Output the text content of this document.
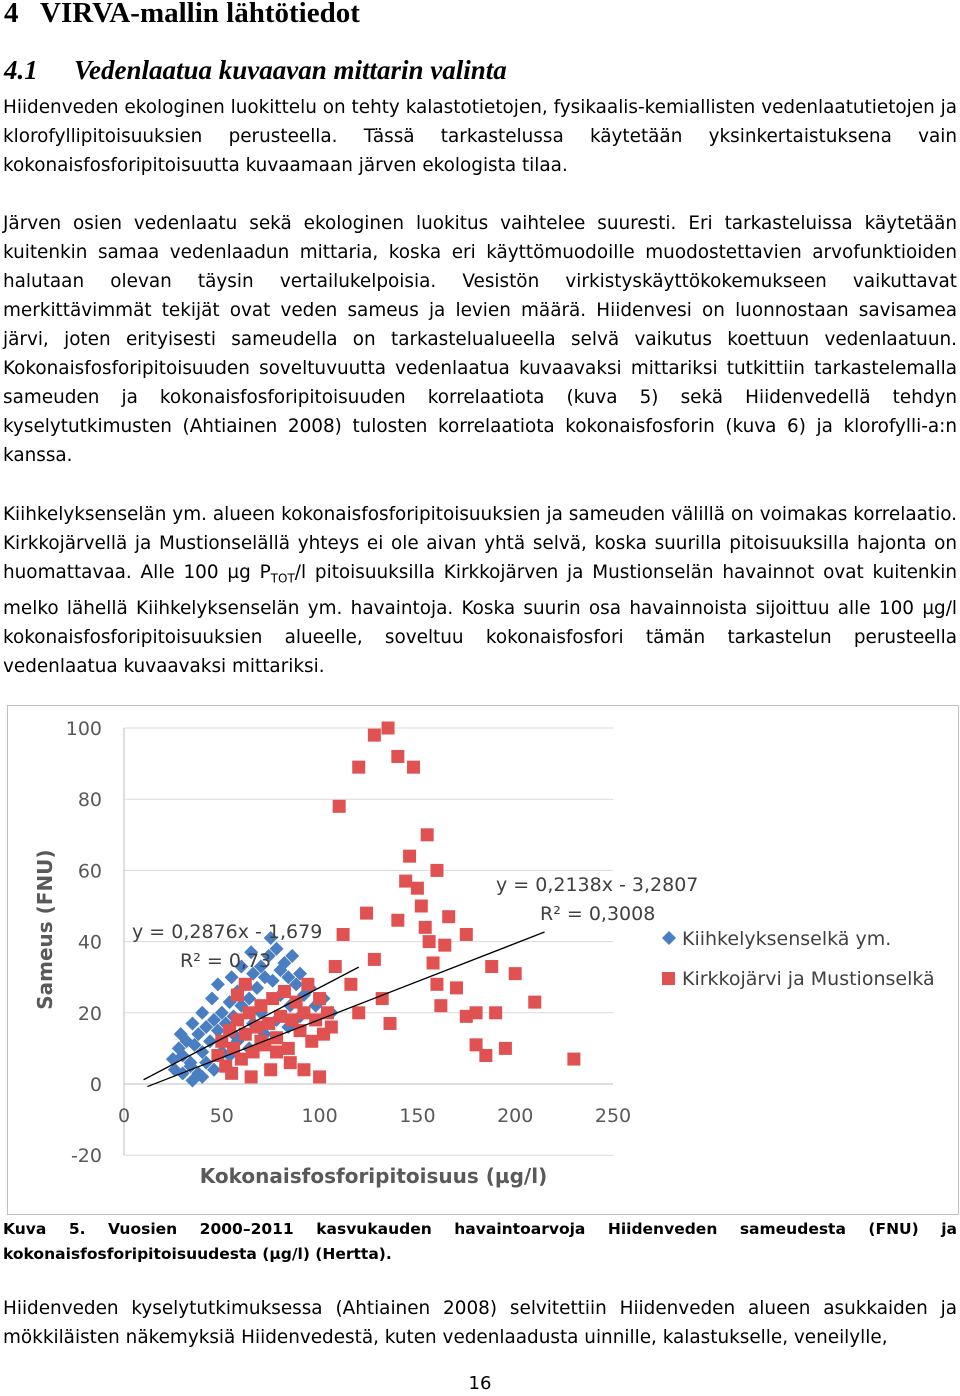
4 VIRVA-mallin lähtötiedot
4.1 Vedenlaatua kuvaavan mittarin valinta
Hiidenveden ekologinen luokittelu on tehty kalastotietojen, fysikaalis-kemiallisten vedenlaatutietojen ja klorofyllipitoisuuksien perusteella. Tässä tarkastelussa käytetään yksinkertaistuksena vain kokonaisfosforipitoisuutta kuvaamaan järven ekologista tilaa.
Järven osien vedenlaatu sekä ekologinen luokitus vaihtelee suuresti. Eri tarkasteluissa käytetään kuitenkin samaa vedenlaadun mittaria, koska eri käyttömuodoille muodostettavien arvofunktioiden halutaan olevan täysin vertailukelpoisia. Vesistön virkistyskäyttökokemukseen vaikuttavat merkittävimmät tekijät ovat veden sameus ja levien määrä. Hiidenvesi on luonnostaan savisamea järvi, joten erityisesti sameudella on tarkastelualueella selvä vaikutus koettuun vedenlaatuun. Kokonaisfosforipitoisuuden soveltuvuutta vedenlaatua kuvaavaksi mittariksi tutkittiin tarkastelemalla sameuden ja kokonaisfosforipitoisuuden korrelaatiota (kuva 5) sekä Hiidenvedellä tehdyn kyselytutkimusten (Ahtiainen 2008) tulosten korrelaatiota kokonaisfosforin (kuva 6) ja klorofylli-a:n kanssa.
Kiihkelyksenselän ym. alueen kokonaisfosforipitoisuuksien ja sameuden välillä on voimakas korrelaatio. Kirkkojärvellä ja Mustionselällä yhteys ei ole aivan yhtä selvä, koska suurilla pitoisuuksilla hajonta on huomattavaa. Alle 100 µg $P_{TOT}/l$ pitoisuuksilla Kirkkojärven ja Mustionselän havainnot ovat kuitenkin melko lähellä Kiihkelyksenselän ym. havaintoja. Koska suurin osa havainnoista sijoittuu alle 100 µg/l kokonaisfosforipitoisuuksien alueelle, soveltuu kokonaisfosfori tämän tarkastelun perusteella vedenlaatua kuvaavaksi mittariksi.
100
80
60
40
20
0
-20
0	50	100	150	200	250
Kokonaisfosforipitoisuus (µg/l)
Sameus (FNU)	y = 0,2876x - 1,679
R² = 0,73
y = 0,2138x - 3,2807
R² = 0,3008
Kiihkelyksenselkä ym.
Kirkkojärvi ja Mustionselkä
Kuva 5. Vuosien 2000–2011 kasvukauden havaintoarvoja Hiidenveden sameudesta (FNU) ja kokonaisfosforipitoisuudesta (µg/l) (Hertta).
Hiidenveden kyselytutkimuksessa (Ahtiainen 2008) selvitettiin Hiidenveden alueen asukkaiden ja mökkiläisten näkemyksiä Hiidenvedestä, kuten vedenlaadusta uinnille, kalastukselle, veneilylle,
16
